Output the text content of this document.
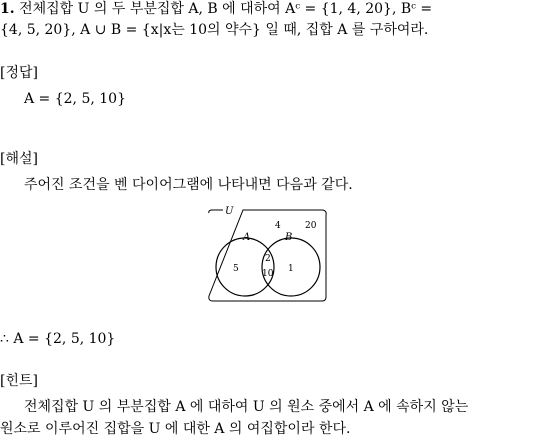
1. 전체집합 U 의 두 부분집합 A, B 에 대하여 Aᶜ = {1, 4, 20}, Bᶜ =
{4, 5, 20}, A ∪ B = {x|x는 10의 약수} 일 때, 집합 A 를 구하여라.
[정답]
A = {2, 5, 10}
[해설]
주어진 조건을 벤 다이어그램에 나타내면 다음과 같다.
U
A	B
4	20
5	1
2
10
∴ A = {2, 5, 10}
[힌트]
전체집합 U 의 부분집합 A 에 대하여 U 의 원소 중에서 A 에 속하지 않는
원소로 이루어진 집합을 U 에 대한 A 의 여집합이라 한다.
